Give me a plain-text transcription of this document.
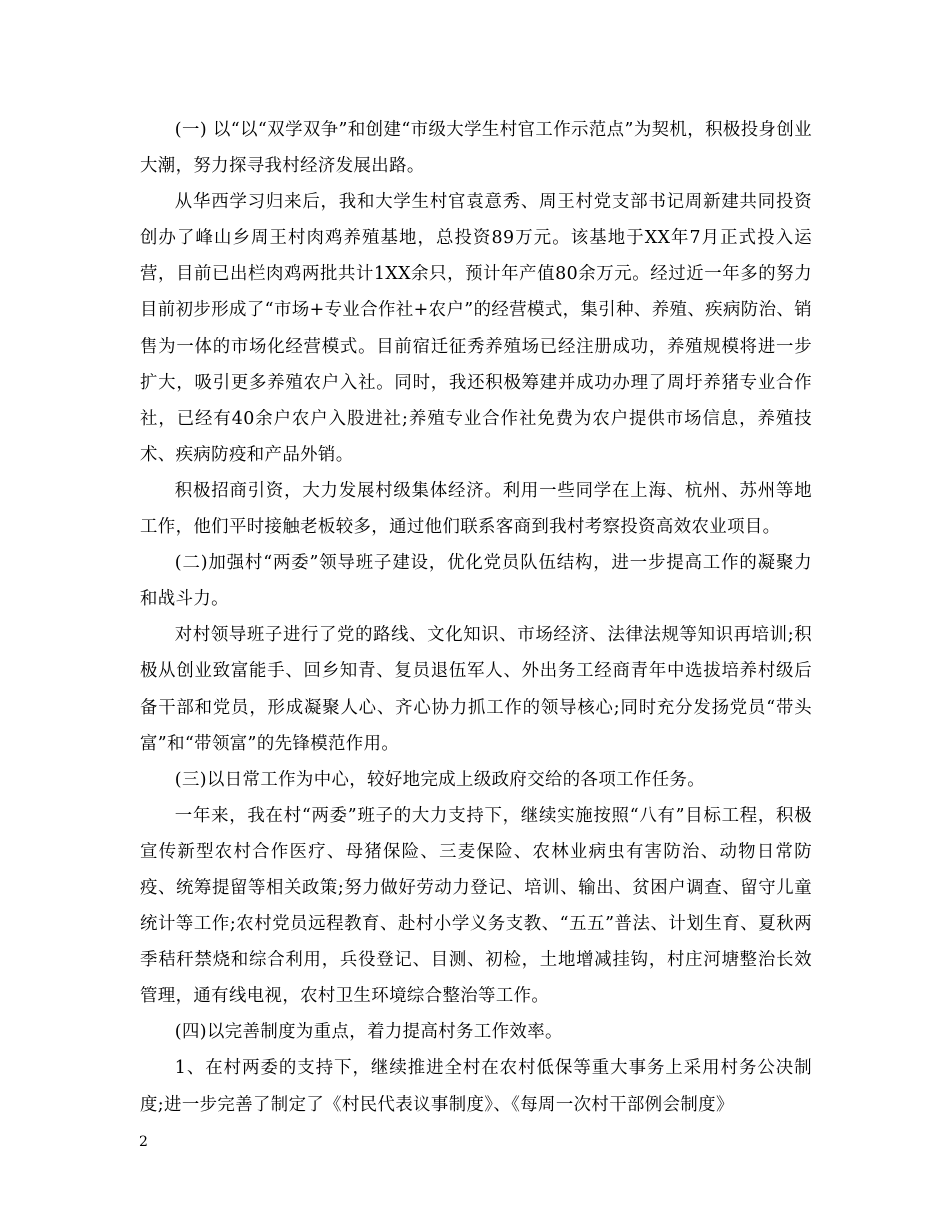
(一) 以“以“双学双争”和创建“市级大学生村官工作示范点”为契机，积极投身创业大潮，努力探寻我村经济发展出路。

从华西学习归来后，我和大学生村官袁意秀、周王村党支部书记周新建共同投资创办了峰山乡周王村肉鸡养殖基地，总投资89万元。该基地于XX年7月正式投入运营，目前已出栏肉鸡两批共计1XX余只，预计年产值80余万元。经过近一年多的努力目前初步形成了“市场+专业合作社+农户”的经营模式，集引种、养殖、疾病防治、销售为一体的市场化经营模式。目前宿迁征秀养殖场已经注册成功，养殖规模将进一步扩大，吸引更多养殖农户入社。同时，我还积极筹建并成功办理了周圩养猪专业合作社，已经有40余户农户入股进社;养殖专业合作社免费为农户提供市场信息，养殖技术、疾病防疫和产品外销。

积极招商引资，大力发展村级集体经济。利用一些同学在上海、杭州、苏州等地工作，他们平时接触老板较多，通过他们联系客商到我村考察投资高效农业项目。

(二)加强村“两委”领导班子建设，优化党员队伍结构，进一步提高工作的凝聚力和战斗力。

对村领导班子进行了党的路线、文化知识、市场经济、法律法规等知识再培训;积极从创业致富能手、回乡知青、复员退伍军人、外出务工经商青年中选拔培养村级后备干部和党员，形成凝聚人心、齐心协力抓工作的领导核心;同时充分发扬党员“带头富”和“带领富”的先锋模范作用。

(三)以日常工作为中心，较好地完成上级政府交给的各项工作任务。

一年来，我在村“两委”班子的大力支持下，继续实施按照“八有”目标工程，积极宣传新型农村合作医疗、母猪保险、三麦保险、农林业病虫有害防治、动物日常防疫、统筹提留等相关政策;努力做好劳动力登记、培训、输出、贫困户调查、留守儿童统计等工作;农村党员远程教育、赴村小学义务支教、“五五”普法、计划生育、夏秋两季秸秆禁烧和综合利用，兵役登记、目测、初检，土地增减挂钩，村庄河塘整治长效管理，通有线电视，农村卫生环境综合整治等工作。

(四)以完善制度为重点，着力提高村务工作效率。

1、在村两委的支持下，继续推进全村在农村低保等重大事务上采用村务公决制度;进一步完善了制定了《村民代表议事制度》、《每周一次村干部例会制度》

2
